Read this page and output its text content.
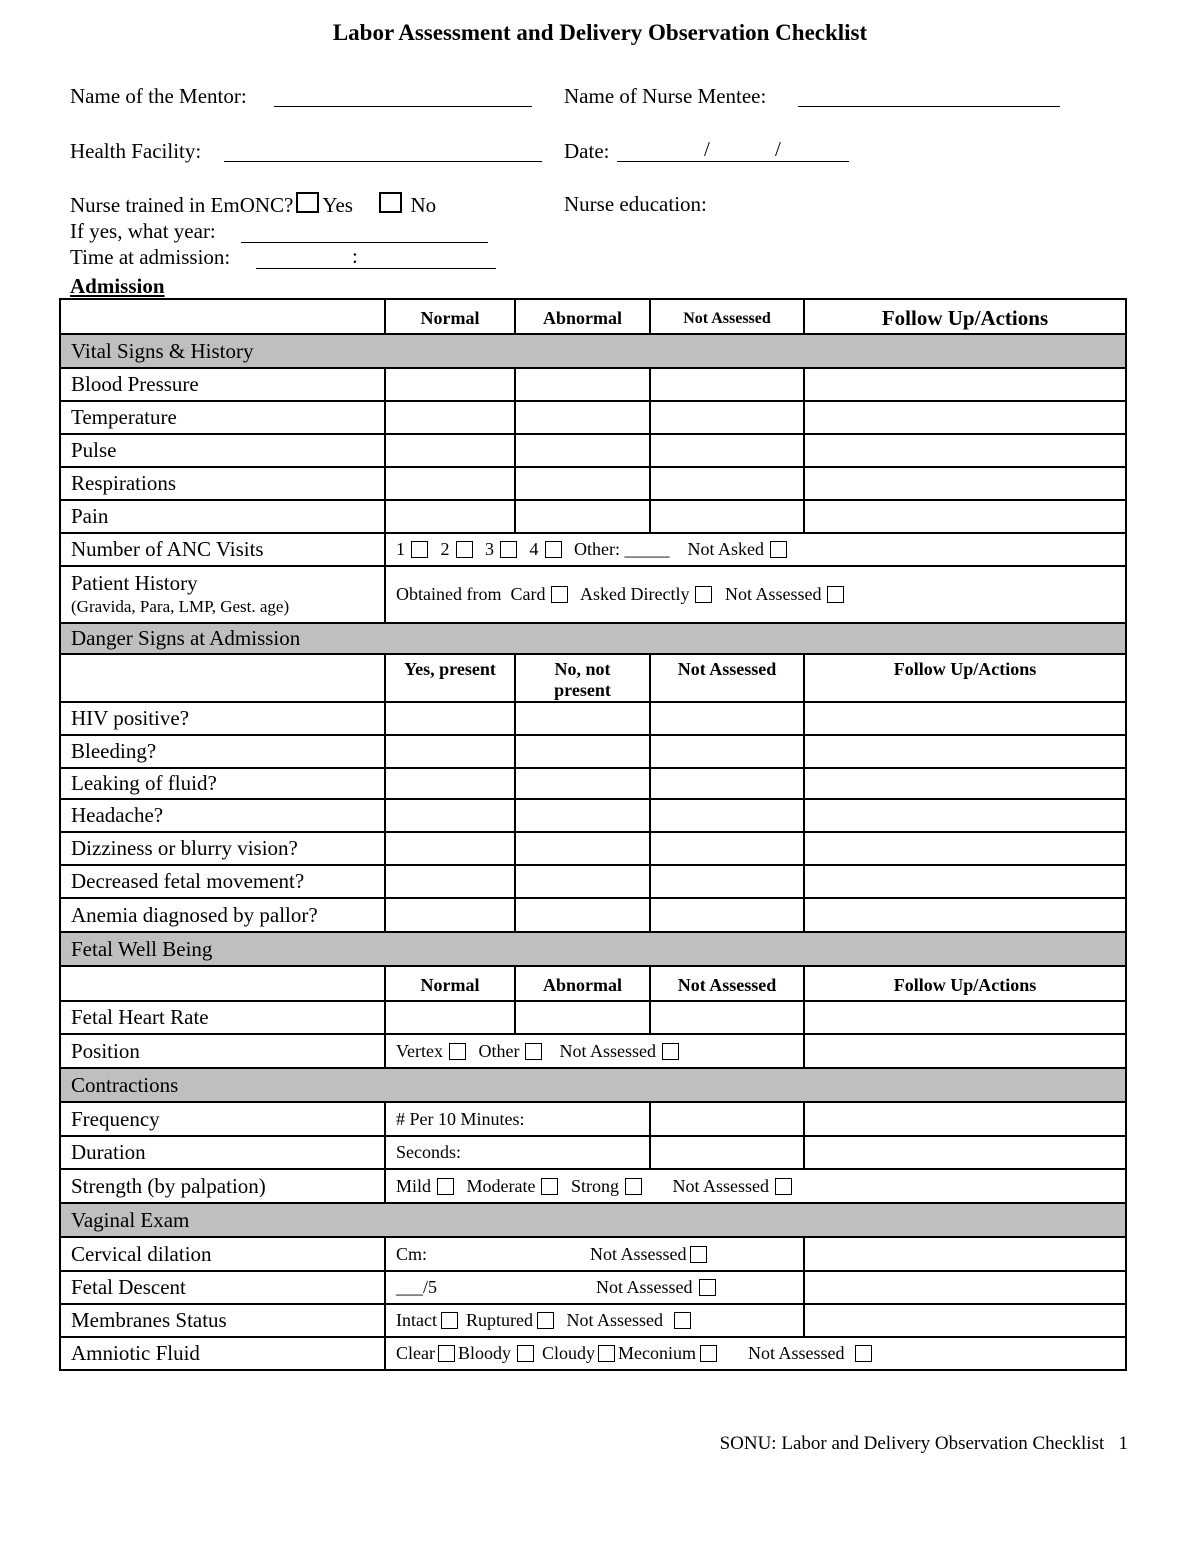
Labor Assessment and Delivery Observation Checklist
Name of the Mentor:	Name of Nurse Mentee:
Health Facility:	Date:	/	/
Nurse trained in EmONC? Yes	No	Nurse education:
If yes, what year:
Time at admission:	:
Admission
	Normal	Abnormal	Not Assessed	Follow Up/Actions
Vital Signs & History				
Blood Pressure				
Temperature				
Pulse				
Respirations				
Pain				
Number of ANC Visits	1 2 3 4 Other: _____ Not Asked			

Patient History
(Gravida, Para, LMP, Gest. age)	Obtained from Card Asked Directly Not Assessed			
Danger Signs at Admission				
	Yes, present	No, not present	Not Assessed	Follow Up/Actions
HIV positive?				
Bleeding?				
Leaking of fluid?				
Headache?				
Dizziness or blurry vision?				
Decreased fetal movement?				
Anemia diagnosed by pallor?				
Fetal Well Being				
	Normal	Abnormal	Not Assessed	Follow Up/Actions
Fetal Heart Rate				
Position	Vertex Other Not Assessed			
Contractions				
Frequency	# Per 10 Minutes:			
Duration	Seconds:			
Strength (by palpation)	Mild Moderate Strong Not Assessed			
Vaginal Exam				
Cervical dilation	Cm: Not Assessed			
Fetal Descent	___/5 Not Assessed			
Membranes Status	Intact Ruptured Not Assessed			
Amniotic Fluid	Clear Bloody Cloudy Meconium Not Assessed			
SONU: Labor and Delivery Observation Checklist   1
